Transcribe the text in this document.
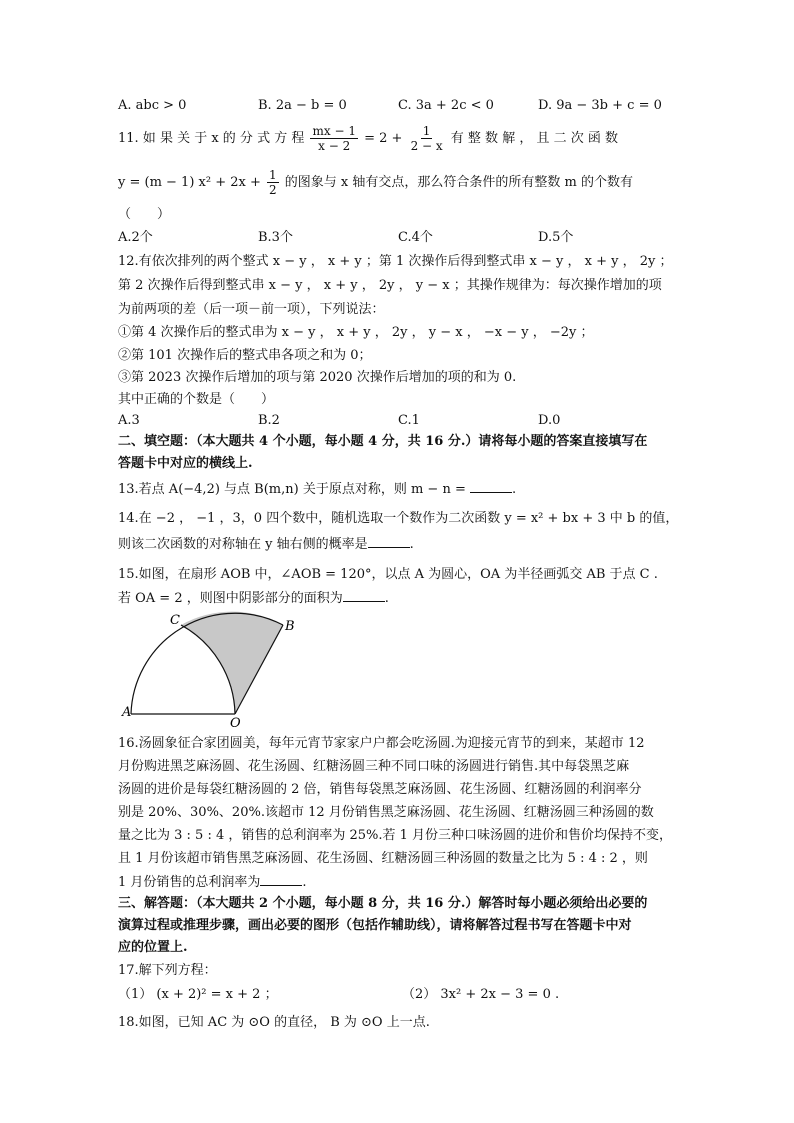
A. abc > 0	B. 2a − b = 0	C. 3a + 2c < 0	D. 9a − 3b + c = 0
11. 如 果 关 于 x 的 分 式 方 程 $\frac{mx - 1}{x - 2} = 2 + \frac{1}{2 - x}$ 有 整 数 解 ， 且 二 次 函 数
y = (m − 1) $x^2 + 2x + \frac{1}{2}$ 的图象与 x 轴有交点，那么符合条件的所有整数 m 的个数有
（　　）
A.2个	B.3个	C.4个	D.5个
12.有依次排列的两个整式 x − y ， x + y ；第 1 次操作后得到整式串 x − y ， x + y ， 2y ；
第 2 次操作后得到整式串 x − y ， x + y ， 2y ， y − x ；其操作规律为：每次操作增加的项
为前两项的差（后一项－前一项），下列说法：
①第 4 次操作后的整式串为 x − y ， x + y ， 2y ， y − x ， −x − y ， −2y ；
②第 101 次操作后的整式串各项之和为 0；
③第 2023 次操作后增加的项与第 2020 次操作后增加的项的和为 0.
其中正确的个数是（　　）
A.3	B.2	C.1	D.0
二、填空题：（本大题共 4 个小题，每小题 4 分，共 16 分.）请将每小题的答案直接填写在
答题卡中对应的横线上.
13.若点 A(−4,2) 与点 B(m,n) 关于原点对称，则 m − n =	.
14.在 −2 ， −1 ，3，0 四个数中，随机选取一个数作为二次函数 y = x² + bx + 3 中 b 的值，
则该二次函数的对称轴在 y 轴右侧的概率是	.
15.如图，在扇形 AOB 中，∠AOB = 120°，以点 A 为圆心，OA 为半径画弧交 AB 于点 C .
若 OA = 2 ，则图中阴影部分的面积为	.
A
C	B
O
16.汤圆象征合家团圆美，每年元宵节家家户户都会吃汤圆.为迎接元宵节的到来，某超市 12
月份购进黑芝麻汤圆、花生汤圆、红糖汤圆三种不同口味的汤圆进行销售.其中每袋黑芝麻
汤圆的进价是每袋红糖汤圆的 2 倍，销售每袋黑芝麻汤圆、花生汤圆、红糖汤圆的利润率分
别是 20%、30%、20%.该超市 12 月份销售黑芝麻汤圆、花生汤圆、红糖汤圆三种汤圆的数
量之比为 3 : 5 : 4 ，销售的总利润率为 25%.若 1 月份三种口味汤圆的进价和售价均保持不变，
且 1 月份该超市销售黑芝麻汤圆、花生汤圆、红糖汤圆三种汤圆的数量之比为 5 : 4 : 2 ，则
1 月份销售的总利润率为	.
三、解答题：（本大题共 2 个小题，每小题 8 分，共 16 分.）解答时每小题必须给出必要的
演算过程或推理步骤，画出必要的图形（包括作辅助线），请将解答过程书写在答题卡中对
应的位置上.
17.解下列方程：
（1） (x + 2)² = x + 2 ；	（2） 3x² + 2x − 3 = 0 .
18.如图，已知 AC 为 ⊙O 的直径， B 为 ⊙O 上一点.
